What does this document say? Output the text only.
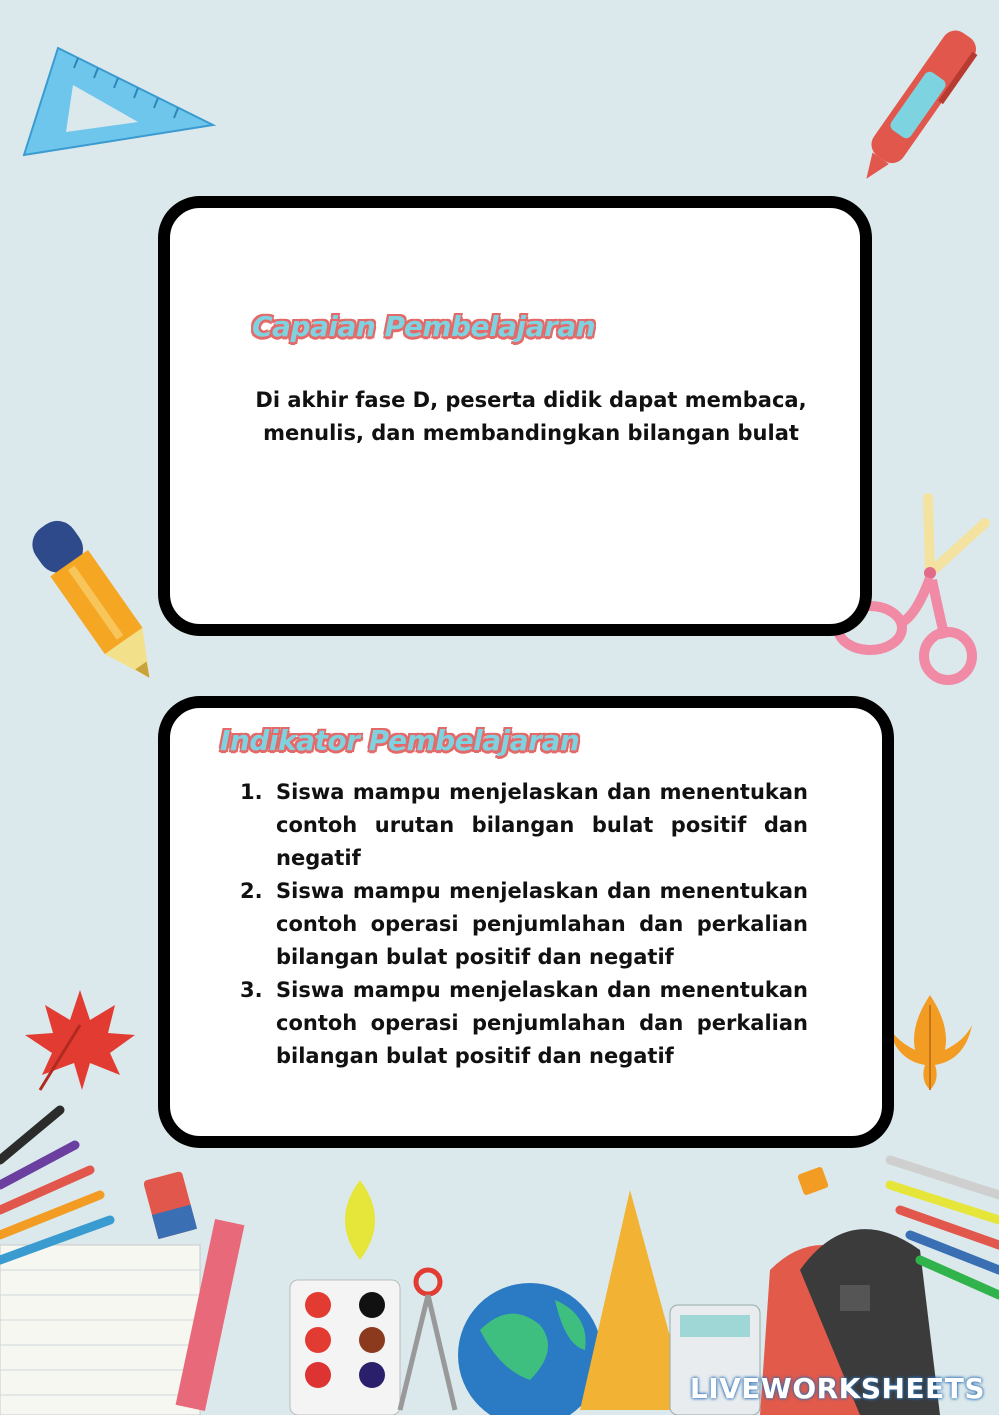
Capaian Pembelajaran
Di akhir fase D, peserta didik dapat membaca, menulis, dan membandingkan bilangan bulat
Indikator Pembelajaran
1. Siswa mampu menjelaskan dan menentukan contoh urutan bilangan bulat positif dan negatif
2. Siswa mampu menjelaskan dan menentukan contoh operasi penjumlahan dan perkalian bilangan bulat positif dan negatif
3. Siswa mampu menjelaskan dan menentukan contoh operasi penjumlahan dan perkalian bilangan bulat positif dan negatif
LIVEWORKSHEETS
